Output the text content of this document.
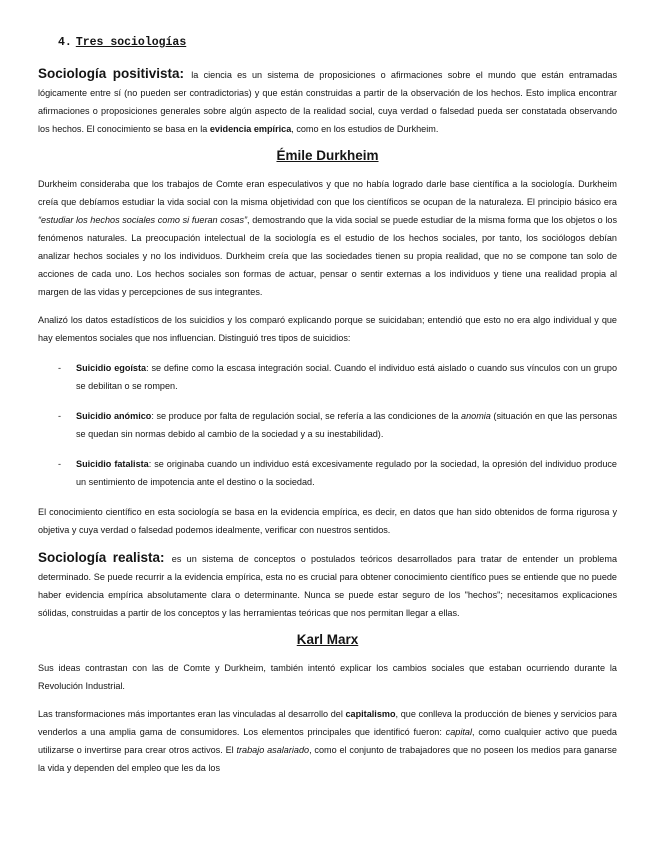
4. Tres sociologías

Sociología positivista: la ciencia es un sistema de proposiciones o afirmaciones sobre el mundo que están entramadas lógicamente entre sí (no pueden ser contradictorias) y que están construidas a partir de la observación de los hechos. Esto implica encontrar afirmaciones o proposiciones generales sobre algún aspecto de la realidad social, cuya verdad o falsedad pueda ser constatada observando los hechos. El conocimiento se basa en la evidencia empírica, como en los estudios de Durkheim.

Émile Durkheim

Durkheim consideraba que los trabajos de Comte eran especulativos y que no había logrado darle base científica a la sociología. Durkheim creía que debíamos estudiar la vida social con la misma objetividad con que los científicos se ocupan de la naturaleza. El principio básico era “estudiar los hechos sociales como si fueran cosas”, demostrando que la vida social se puede estudiar de la misma forma que los objetos o los fenómenos naturales. La preocupación intelectual de la sociología es el estudio de los hechos sociales, por tanto, los sociólogos debían analizar hechos sociales y no los individuos. Durkheim creía que las sociedades tienen su propia realidad, que no se compone tan solo de acciones de cada uno. Los hechos sociales son formas de actuar, pensar o sentir externas a los individuos y tiene una realidad propia al margen de las vidas y percepciones de sus integrantes.

Analizó los datos estadísticos de los suicidios y los comparó explicando porque se suicidaban; entendió que esto no era algo individual y que hay elementos sociales que nos influencian. Distinguió tres tipos de suicidios:

- Suicidio egoísta: se define como la escasa integración social. Cuando el individuo está aislado o cuando sus vínculos con un grupo se debilitan o se rompen.

- Suicidio anómico: se produce por falta de regulación social, se refería a las condiciones de la anomia (situación en que las personas se quedan sin normas debido al cambio de la sociedad y a su inestabilidad).

- Suicidio fatalista: se originaba cuando un individuo está excesivamente regulado por la sociedad, la opresión del individuo produce un sentimiento de impotencia ante el destino o la sociedad.

El conocimiento científico en esta sociología se basa en la evidencia empírica, es decir, en datos que han sido obtenidos de forma rigurosa y objetiva y cuya verdad o falsedad podemos idealmente, verificar con nuestros sentidos.

Sociología realista: es un sistema de conceptos o postulados teóricos desarrollados para tratar de entender un problema determinado. Se puede recurrir a la evidencia empírica, esta no es crucial para obtener conocimiento científico pues se entiende que no puede haber evidencia empírica absolutamente clara o determinante. Nunca se puede estar seguro de los "hechos"; necesitamos explicaciones sólidas, construidas a partir de los conceptos y las herramientas teóricas que nos permitan llegar a ellas.

Karl Marx

Sus ideas contrastan con las de Comte y Durkheim, también intentó explicar los cambios sociales que estaban ocurriendo durante la Revolución Industrial.

Las transformaciones más importantes eran las vinculadas al desarrollo del capitalismo, que conlleva la producción de bienes y servicios para venderlos a una amplia gama de consumidores. Los elementos principales que identificó fueron: capital, como cualquier activo que pueda utilizarse o invertirse para crear otros activos. El trabajo asalariado, como el conjunto de trabajadores que no poseen los medios para ganarse la vida y dependen del empleo que les da los
